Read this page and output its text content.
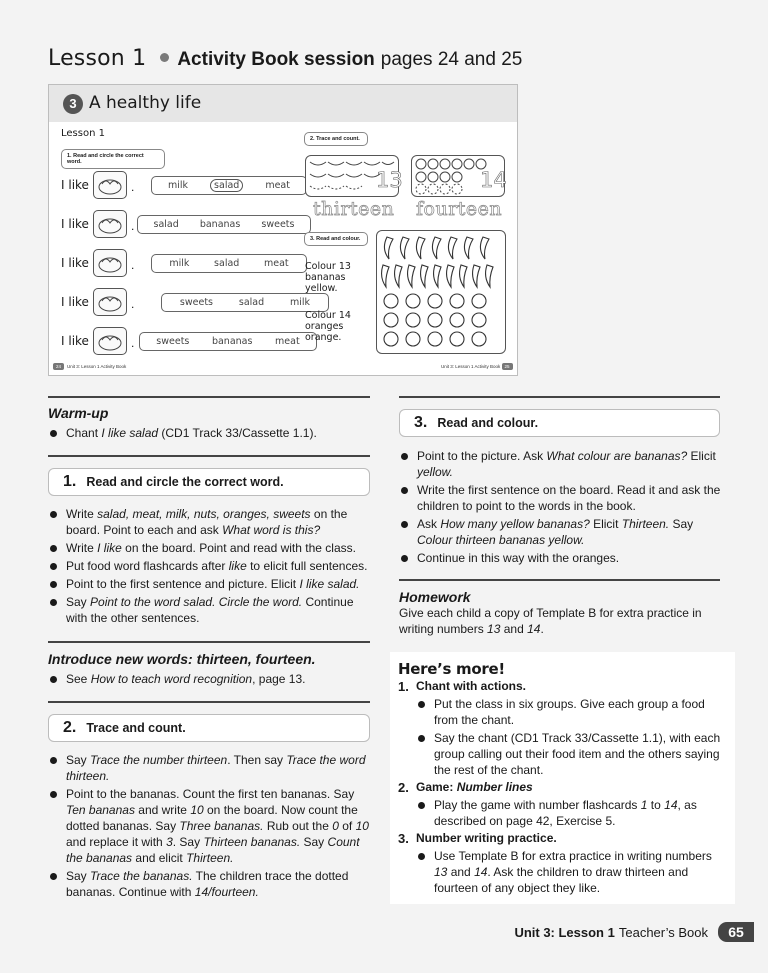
Lesson 1 Activity Book session pages 24 and 25
3 A healthy life
Lesson 1
1. Read and circle the correct word.
I like	.	milk	salad	meat
I like	. salad bananas sweets
I like	.	milk	salad	meat
I like	.	sweets	salad	milk
I like	. sweets bananas meat
24 Unit 3: Lesson 1 Activity Book	Unit 3: Lesson 1 Activity Book 25
2. Trace and count.
13	14
thirteen fourteen
3. Read and colour.
Colour 13 bananas yellow.
Colour 14 oranges orange.
Warm-up
Chant I like salad (CD1 Track 33/Cassette 1.1).
1. Read and circle the correct word.
Write salad, meat, milk, nuts, oranges, sweets on the board. Point to each and ask What word is this?
Write I like on the board. Point and read with the class.
Put food word flashcards after like to elicit full sentences.
Point to the first sentence and picture. Elicit I like salad.
Say Point to the word salad. Circle the word. Continue with the other sentences.
Introduce new words: thirteen, fourteen.
See How to teach word recognition, page 13.
2. Trace and count.
Say Trace the number thirteen. Then say Trace the word thirteen.
Point to the bananas. Count the first ten bananas. Say Ten bananas and write 10 on the board. Now count the dotted bananas. Say Three bananas. Rub out the 0 of 10 and replace it with 3. Say Thirteen bananas. Say Count the bananas and elicit Thirteen.
Say Trace the bananas. The children trace the dotted bananas. Continue with 14/fourteen.
3. Read and colour.
Point to the picture. Ask What colour are bananas? Elicit yellow.
Write the first sentence on the board. Read it and ask the children to point to the words in the book.
Ask How many yellow bananas? Elicit Thirteen. Say Colour thirteen bananas yellow.
Continue in this way with the oranges.
Homework
Give each child a copy of Template B for extra practice in writing numbers 13 and 14.
Here’s more!
1. Chant with actions.
Put the class in six groups. Give each group a food from the chant.
Say the chant (CD1 Track 33/Cassette 1.1), with each group calling out their food item and the others saying the rest of the chant.
2. Game: Number lines
Play the game with number flashcards 1 to 14, as described on page 42, Exercise 5.
3. Number writing practice.
Use Template B for extra practice in writing numbers 13 and 14. Ask the children to draw thirteen and fourteen of any object they like.
Unit 3: Lesson 1 Teacher’s Book	65
